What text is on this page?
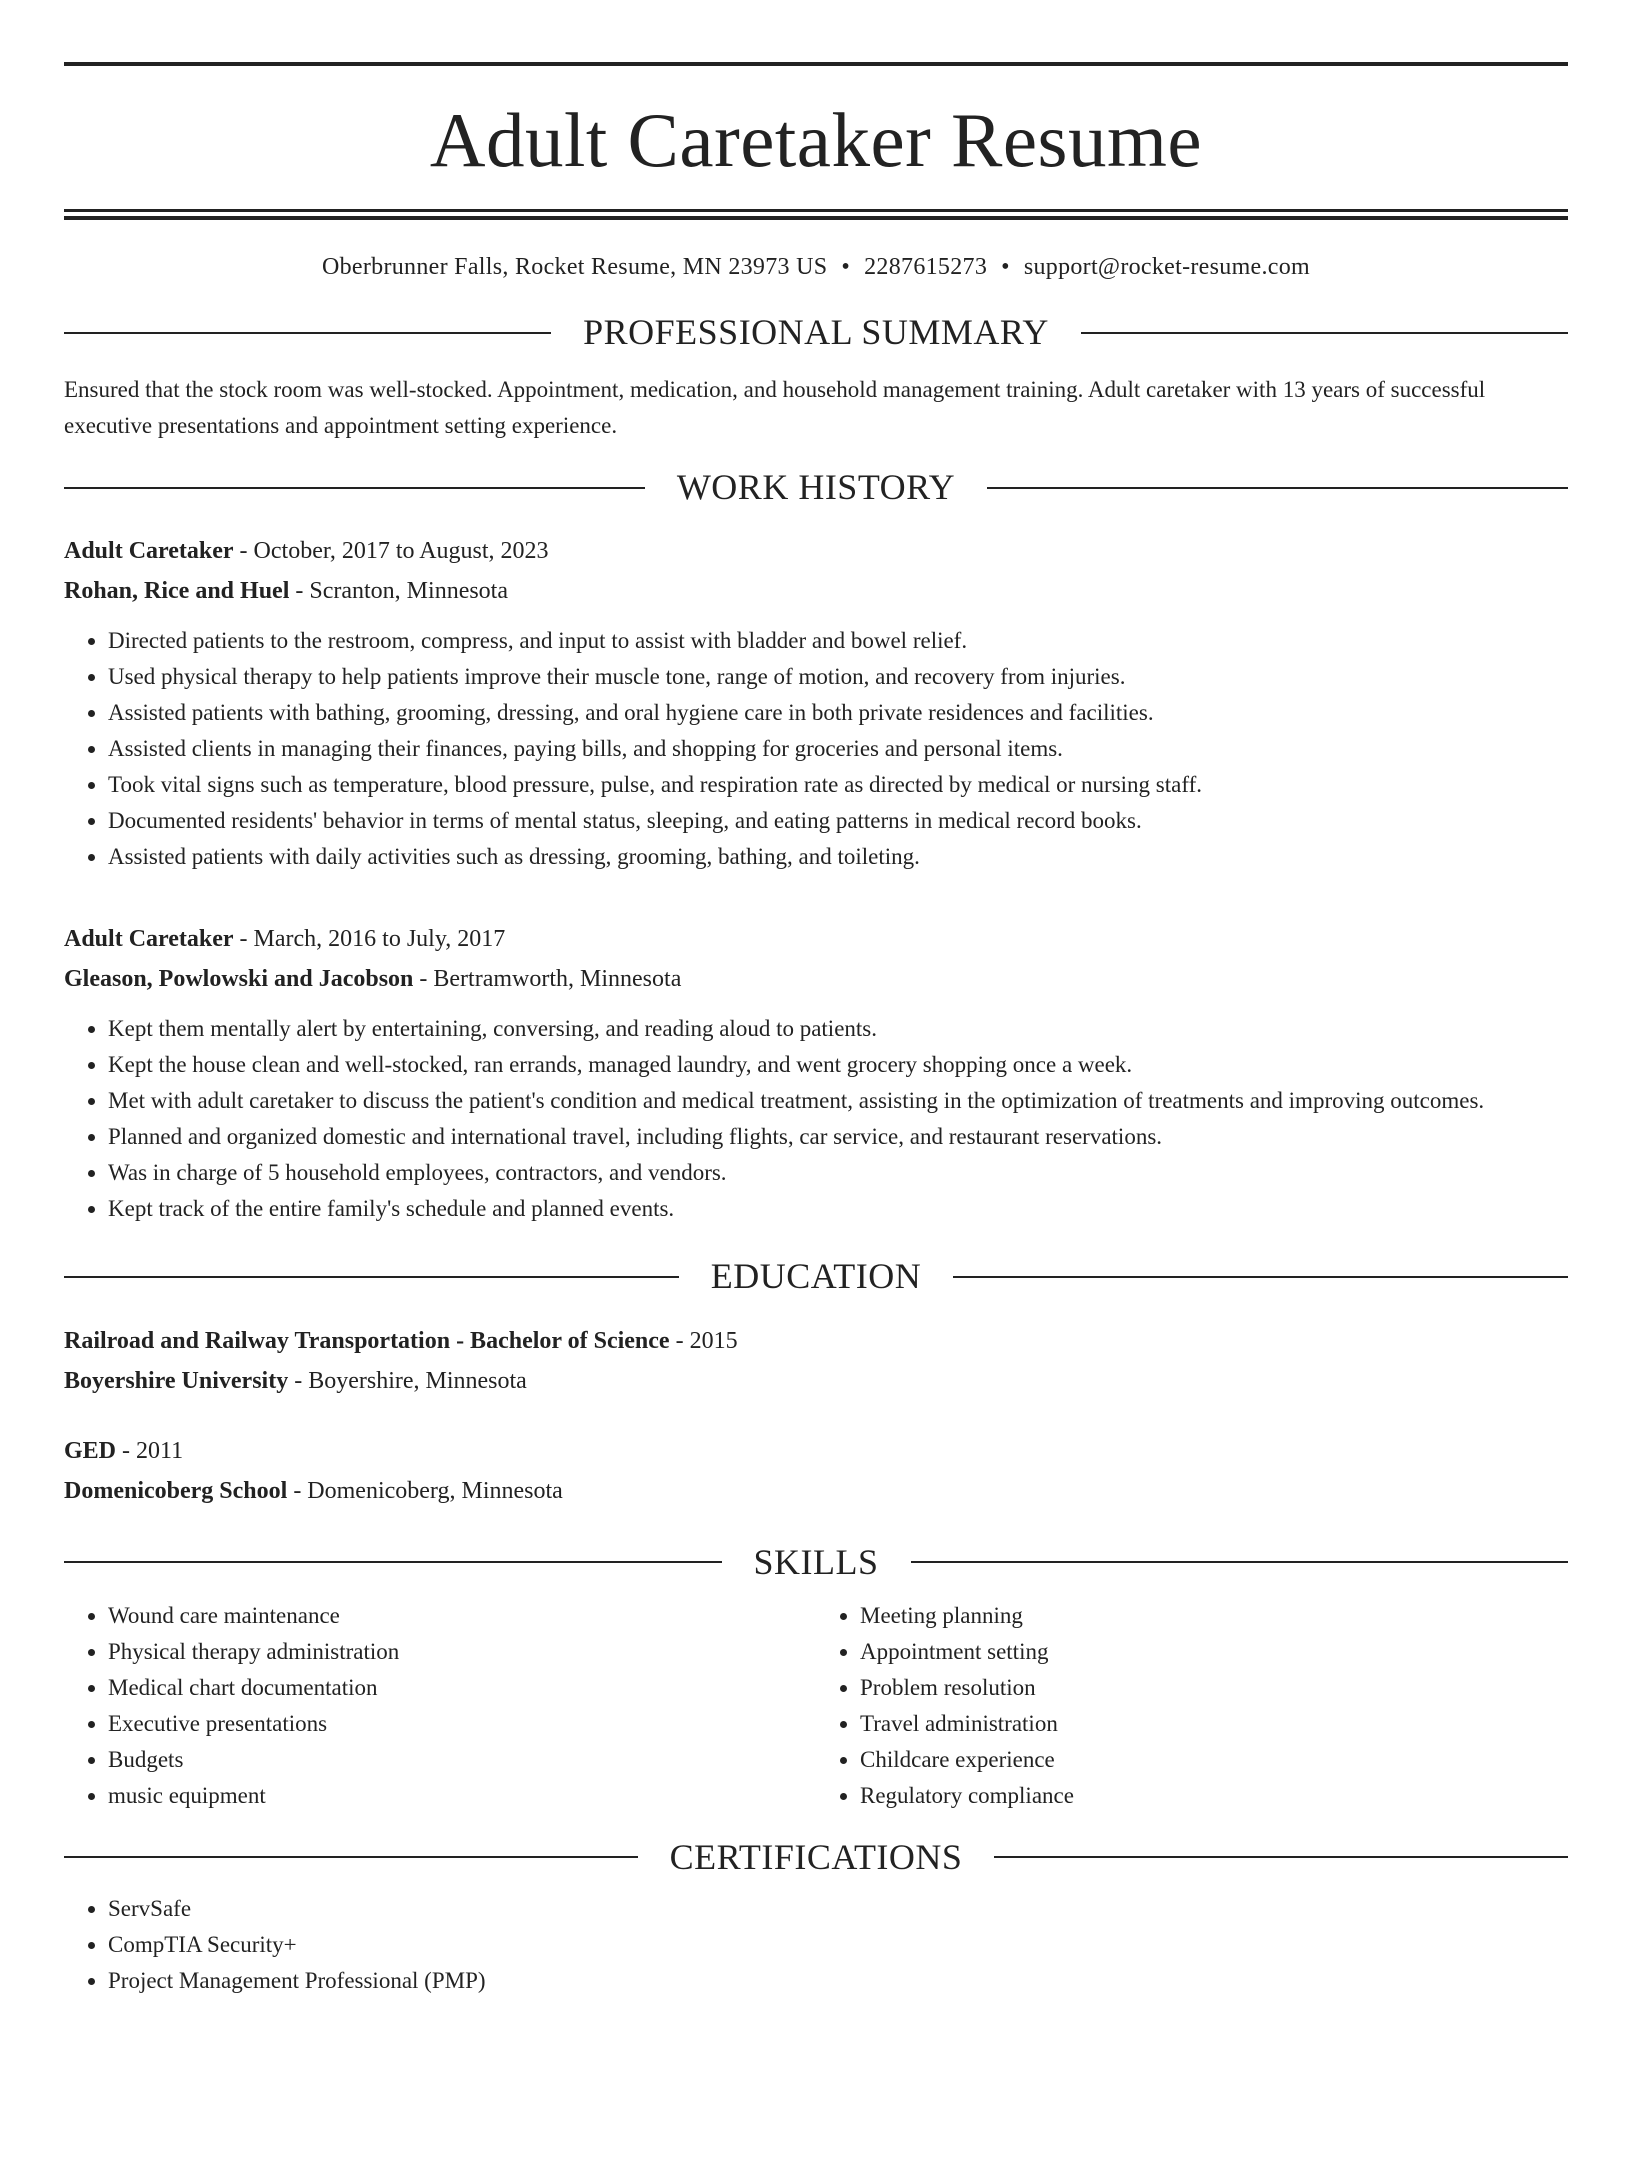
Adult Caretaker Resume
Oberbrunner Falls, Rocket Resume, MN 23973 US • 2287615273 • support@rocket-resume.com
PROFESSIONAL SUMMARY

Ensured that the stock room was well-stocked. Appointment, medication, and household management training. Adult caretaker with 13 years of successful executive presentations and appointment setting experience.

WORK HISTORY
Adult Caretaker - October, 2017 to August, 2023
Rohan, Rice and Huel - Scranton, Minnesota
• Directed patients to the restroom, compress, and input to assist with bladder and bowel relief.
• Used physical therapy to help patients improve their muscle tone, range of motion, and recovery from injuries.
• Assisted patients with bathing, grooming, dressing, and oral hygiene care in both private residences and facilities.
• Assisted clients in managing their finances, paying bills, and shopping for groceries and personal items.
• Took vital signs such as temperature, blood pressure, pulse, and respiration rate as directed by medical or nursing staff.
• Documented residents' behavior in terms of mental status, sleeping, and eating patterns in medical record books.
• Assisted patients with daily activities such as dressing, grooming, bathing, and toileting.
Adult Caretaker - March, 2016 to July, 2017
Gleason, Powlowski and Jacobson - Bertramworth, Minnesota
• Kept them mentally alert by entertaining, conversing, and reading aloud to patients.
• Kept the house clean and well-stocked, ran errands, managed laundry, and went grocery shopping once a week.
• Met with adult caretaker to discuss the patient's condition and medical treatment, assisting in the optimization of treatments and improving outcomes.
• Planned and organized domestic and international travel, including flights, car service, and restaurant reservations.
• Was in charge of 5 household employees, contractors, and vendors.
• Kept track of the entire family's schedule and planned events.
EDUCATION
Railroad and Railway Transportation - Bachelor of Science - 2015
Boyershire University - Boyershire, Minnesota
GED - 2011
Domenicoberg School - Domenicoberg, Minnesota
SKILLS
• Wound care maintenance
• Physical therapy administration
• Medical chart documentation
• Executive presentations
• Budgets
• music equipment
• Meeting planning
• Appointment setting
• Problem resolution
• Travel administration
• Childcare experience
• Regulatory compliance
CERTIFICATIONS
• ServSafe
• CompTIA Security+
• Project Management Professional (PMP)
